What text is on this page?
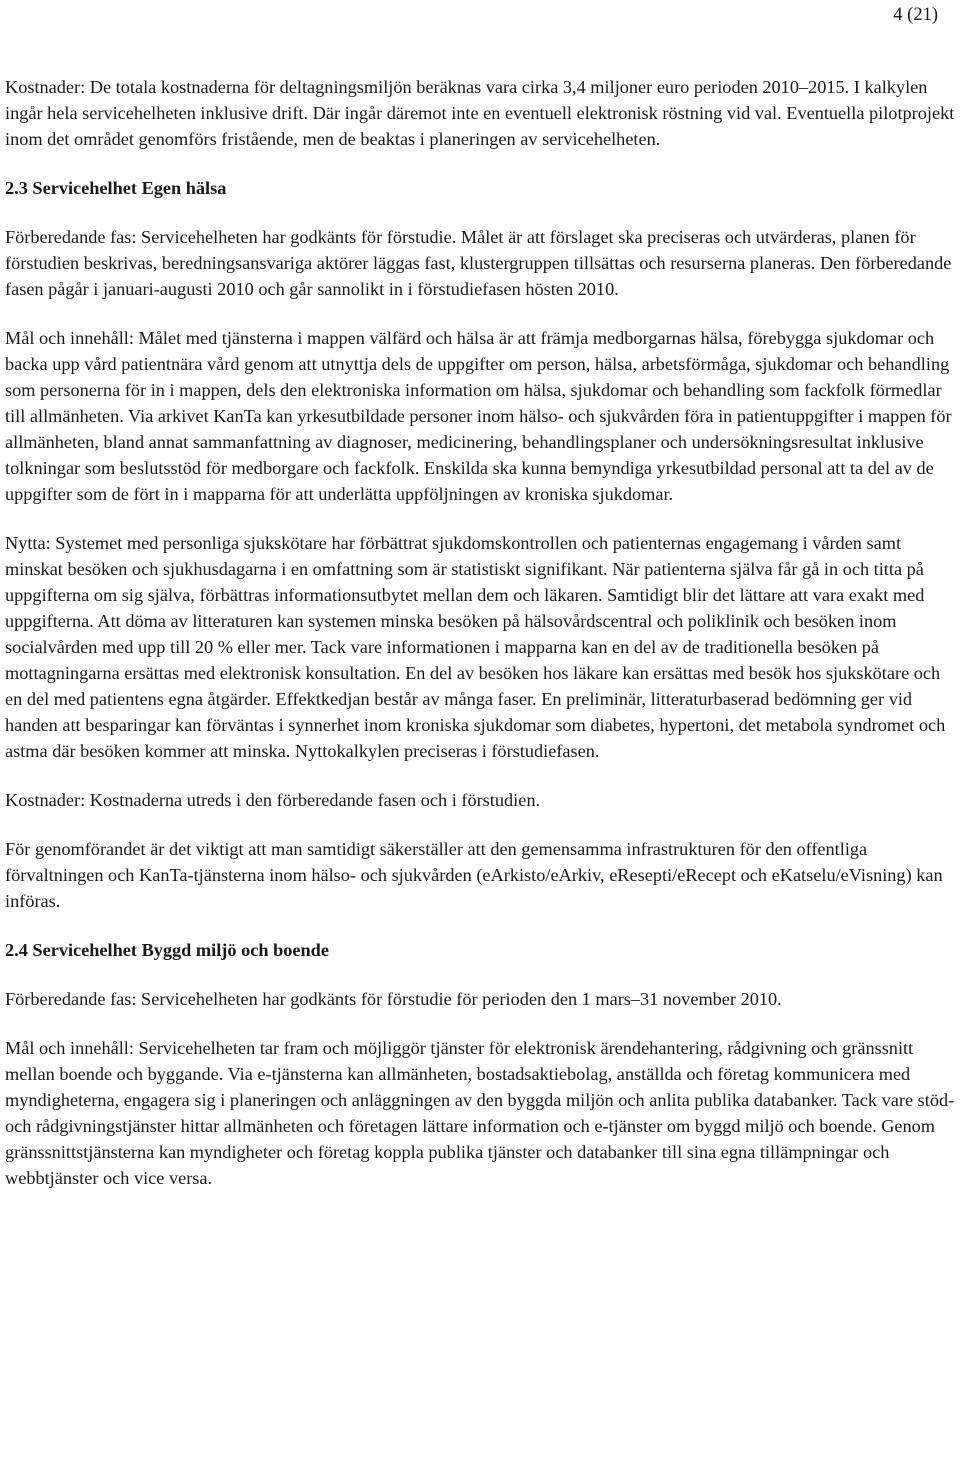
4 (21)

Kostnader: De totala kostnaderna för deltagningsmiljön beräknas vara cirka 3,4 miljoner euro perioden 2010–2015. I kalkylen ingår hela servicehelheten inklusive drift. Där ingår däremot inte en eventuell elektronisk röstning vid val. Eventuella pilotprojekt inom det området genomförs fristående, men de beaktas i planeringen av servicehelheten.

2.3 Servicehelhet Egen hälsa

Förberedande fas: Servicehelheten har godkänts för förstudie. Målet är att förslaget ska preciseras och utvärderas, planen för förstudien beskrivas, beredningsansvariga aktörer läggas fast, klustergruppen tillsättas och resurserna planeras. Den förberedande fasen pågår i januari-augusti 2010 och går sannolikt in i förstudiefasen hösten 2010.

Mål och innehåll: Målet med tjänsterna i mappen välfärd och hälsa är att främja medborgarnas hälsa, förebygga sjukdomar och backa upp vård patientnära vård genom att utnyttja dels de uppgifter om person, hälsa, arbetsförmåga, sjukdomar och behandling som personerna för in i mappen, dels den elektroniska information om hälsa, sjukdomar och behandling som fackfolk förmedlar till allmänheten. Via arkivet KanTa kan yrkesutbildade personer inom hälso- och sjukvården föra in patientuppgifter i mappen för allmänheten, bland annat sammanfattning av diagnoser, medicinering, behandlingsplaner och undersökningsresultat inklusive tolkningar som beslutsstöd för medborgare och fackfolk. Enskilda ska kunna bemyndiga yrkesutbildad personal att ta del av de uppgifter som de fört in i mapparna för att underlätta uppföljningen av kroniska sjukdomar.

Nytta: Systemet med personliga sjukskötare har förbättrat sjukdomskontrollen och patienternas engagemang i vården samt minskat besöken och sjukhusdagarna i en omfattning som är statistiskt signifikant. När patienterna själva får gå in och titta på uppgifterna om sig själva, förbättras informationsutbytet mellan dem och läkaren. Samtidigt blir det lättare att vara exakt med uppgifterna. Att döma av litteraturen kan systemen minska besöken på hälsovårdscentral och poliklinik och besöken inom socialvården med upp till 20 % eller mer. Tack vare informationen i mapparna kan en del av de traditionella besöken på mottagningarna ersättas med elektronisk konsultation. En del av besöken hos läkare kan ersättas med besök hos sjukskötare och en del med patientens egna åtgärder. Effektkedjan består av många faser. En preliminär, litteraturbaserad bedömning ger vid handen att besparingar kan förväntas i synnerhet inom kroniska sjukdomar som diabetes, hypertoni, det metabola syndromet och astma där besöken kommer att minska. Nyttokalkylen preciseras i förstudiefasen.

Kostnader: Kostnaderna utreds i den förberedande fasen och i förstudien.

För genomförandet är det viktigt att man samtidigt säkerställer att den gemensamma infrastrukturen för den offentliga förvaltningen och KanTa-tjänsterna inom hälso- och sjukvården (eArkisto/eArkiv, eResepti/eRecept och eKatselu/eVisning) kan införas.

2.4 Servicehelhet Byggd miljö och boende

Förberedande fas: Servicehelheten har godkänts för förstudie för perioden den 1 mars–31 november 2010.

Mål och innehåll: Servicehelheten tar fram och möjliggör tjänster för elektronisk ärendehantering, rådgivning och gränssnitt mellan boende och byggande. Via e-tjänsterna kan allmänheten, bostadsaktiebolag, anställda och företag kommunicera med myndigheterna, engagera sig i planeringen och anläggningen av den byggda miljön och anlita publika databanker. Tack vare stöd- och rådgivningstjänster hittar allmänheten och företagen lättare information och e-tjänster om byggd miljö och boende. Genom gränssnittstjänsterna kan myndigheter och företag koppla publika tjänster och databanker till sina egna tillämpningar och webbtjänster och vice versa.
